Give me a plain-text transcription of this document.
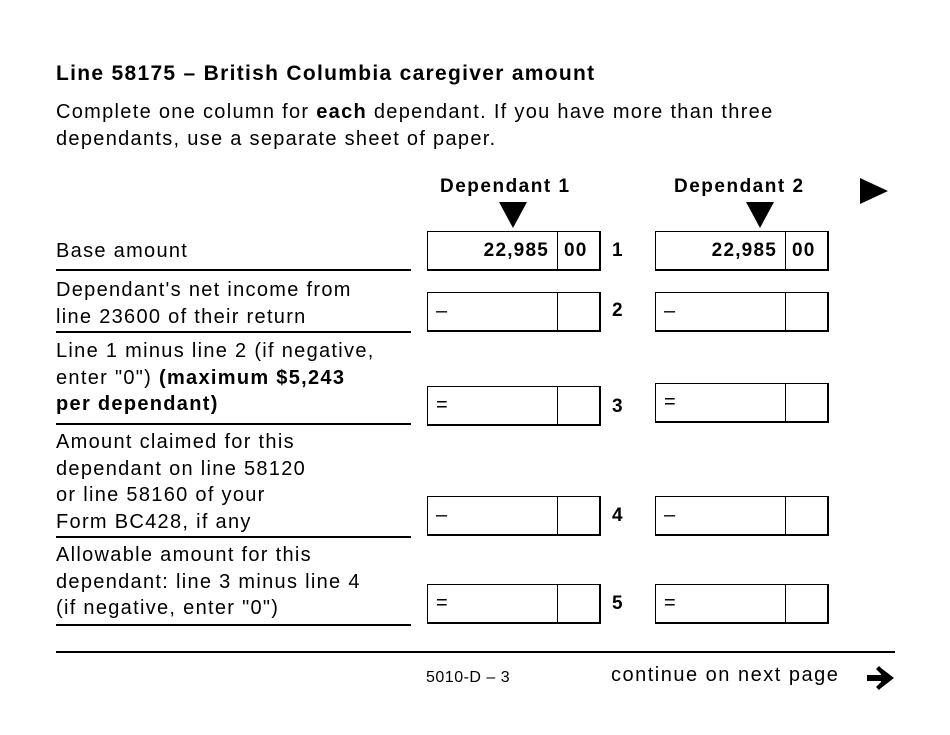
Line 58175 – British Columbia caregiver amount
Complete one column for each dependant. If you have more than three
dependants, use a separate sheet of paper.
Dependant 1	Dependant 2
Base amount	22,985 00 1	22,985 00
Dependant's net income from
line 23600 of their return	–	2 –
Line 1 minus line 2 (if negative,
enter "0") (maximum $5,243
per dependant)	=	3 =
Amount claimed for this
dependant on line 58120
or line 58160 of your
Form BC428, if any	–	4 –
Allowable amount for this
dependant: line 3 minus line 4
(if negative, enter "0")	=	5 =
5010-D – 3	continue on next page
